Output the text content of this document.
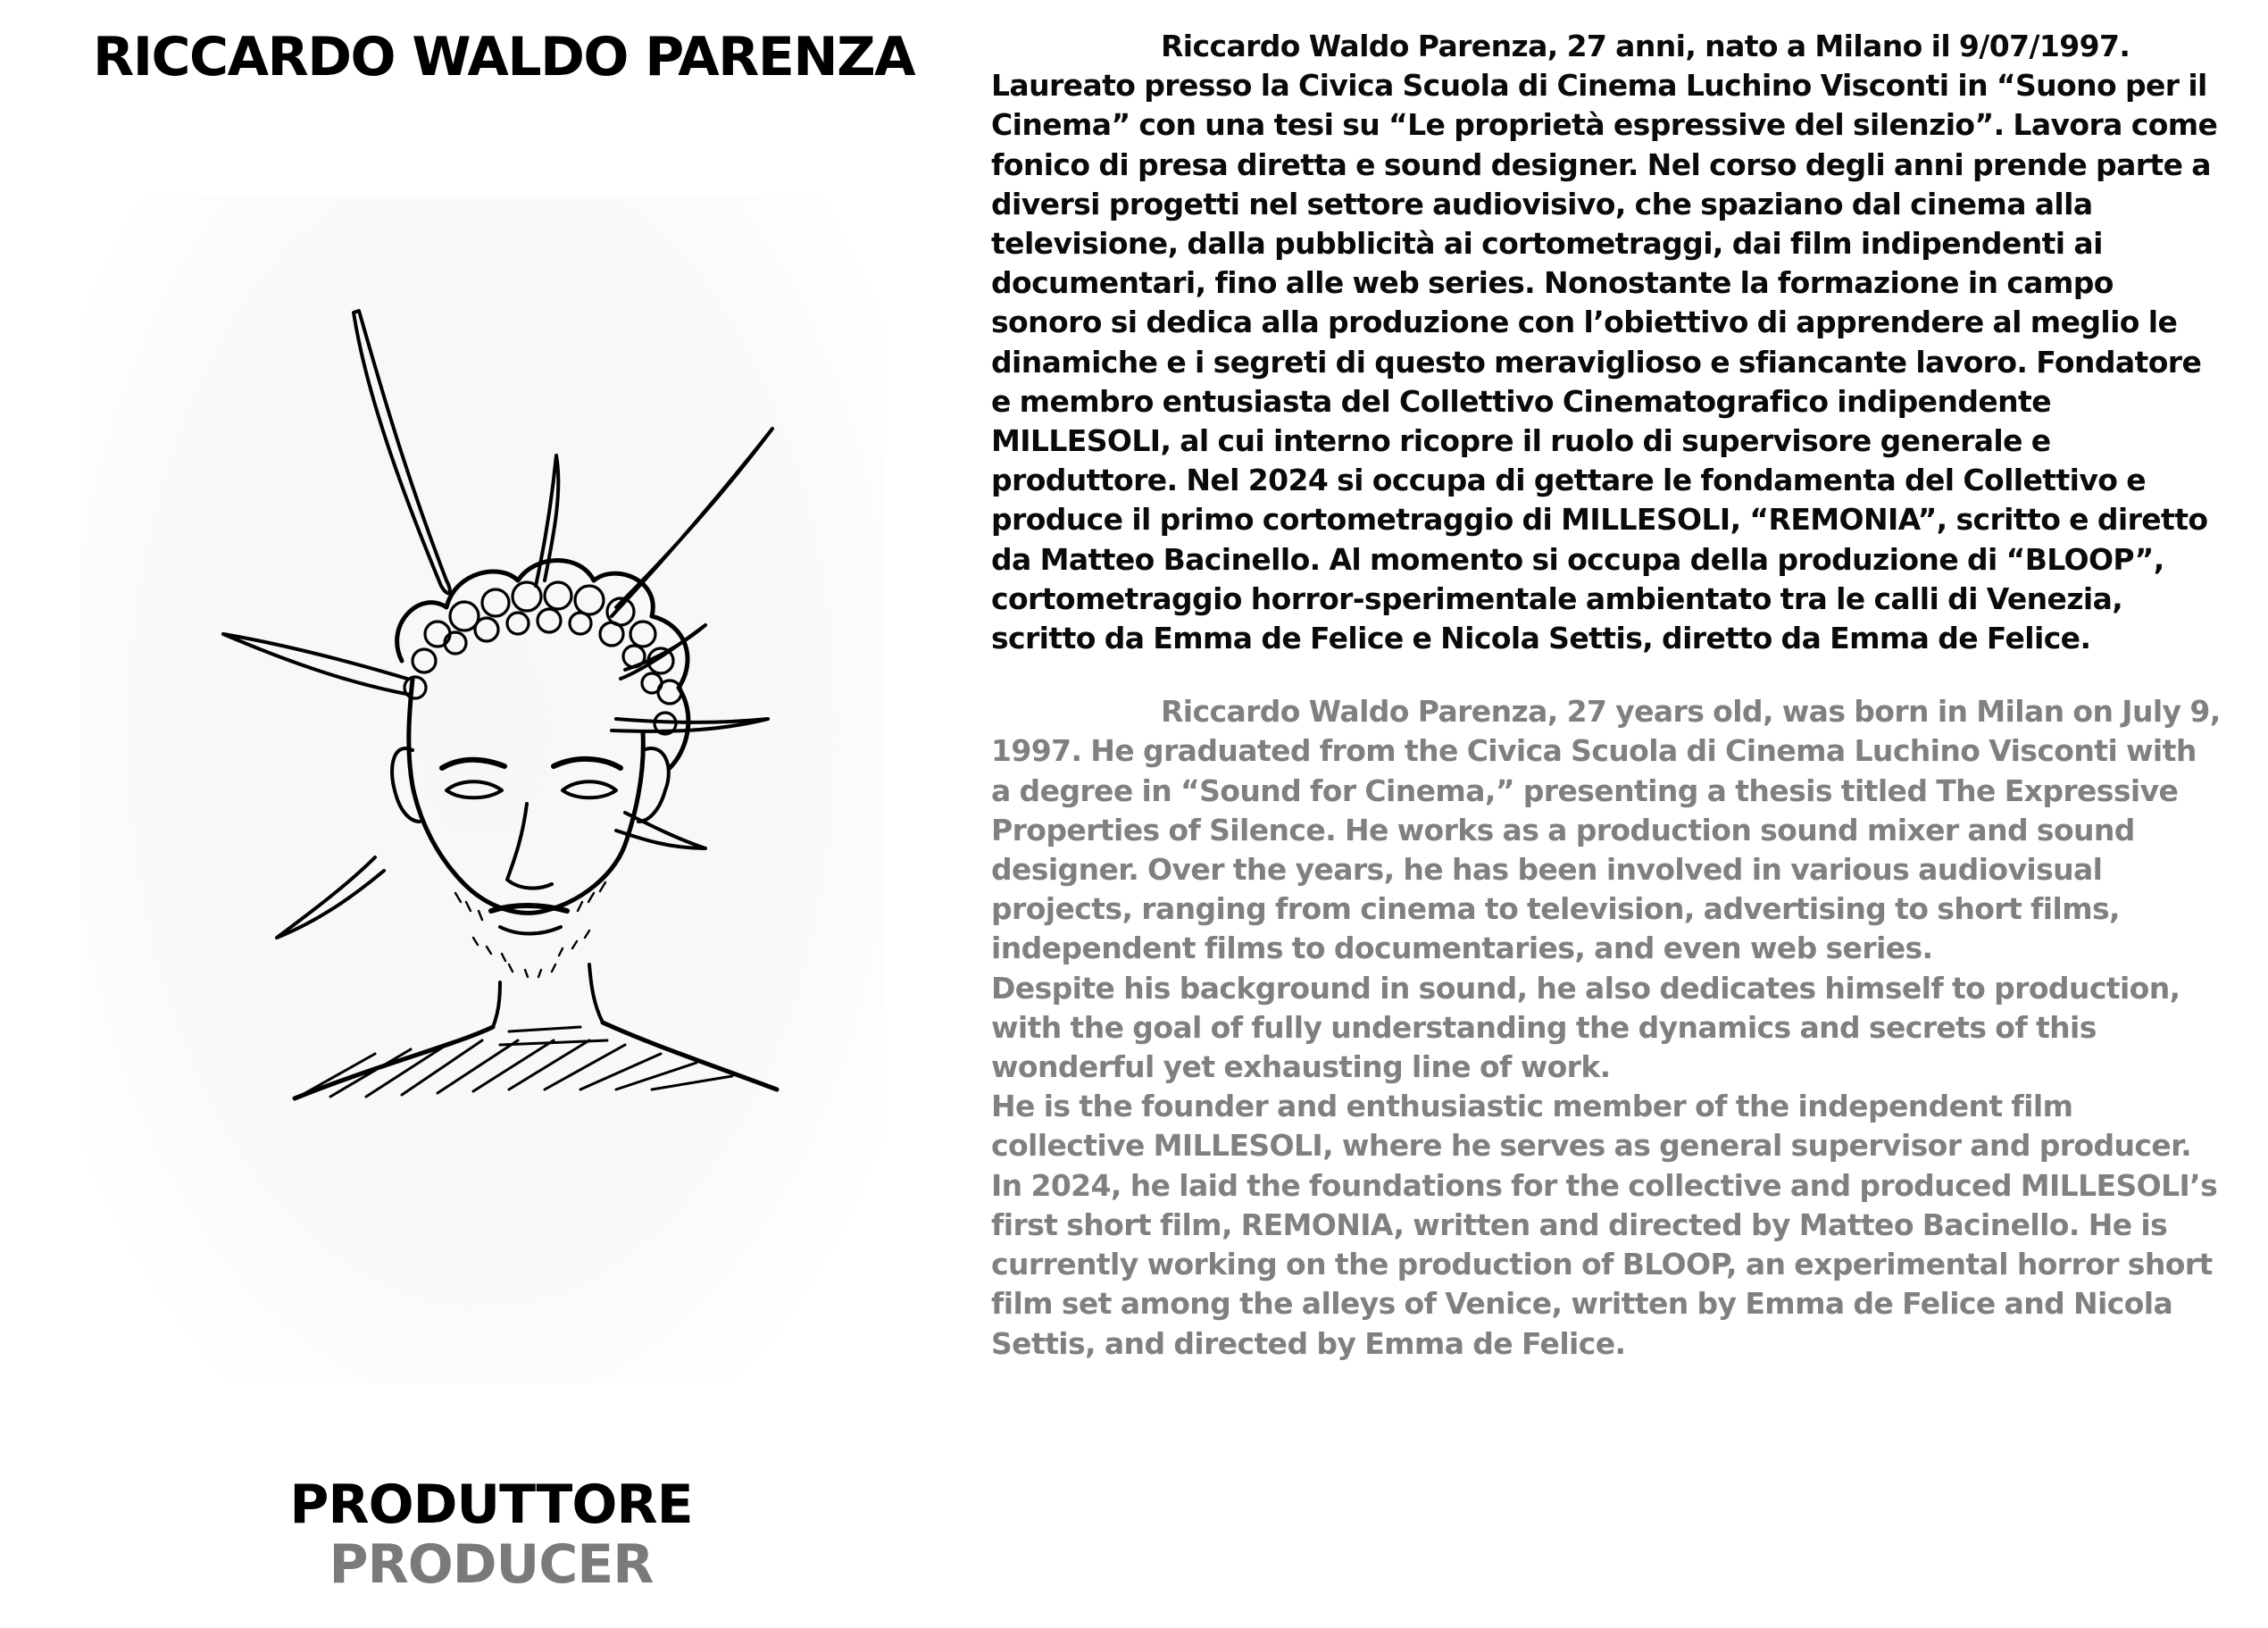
RICCARDO WALDO PARENZA
PRODUTTORE
PRODUCER

Riccardo Waldo Parenza, 27 anni, nato a Milano il 9/07/1997. Laureato presso la Civica Scuola di Cinema Luchino Visconti in “Suono per il Cinema” con una tesi su “Le proprietà espressive del silenzio”. Lavora come fonico di presa diretta e sound designer. Nel corso degli anni prende parte a diversi progetti nel settore audiovisivo, che spaziano dal cinema alla televisione, dalla pubblicità ai cortometraggi, dai film indipendenti ai documentari, fino alle web series. Nonostante la formazione in campo sonoro si dedica alla produzione con l’obiettivo di apprendere al meglio le dinamiche e i segreti di questo meraviglioso e sfiancante lavoro. Fondatore e membro entusiasta del Collettivo Cinematografico indipendente MILLESOLI, al cui interno ricopre il ruolo di supervisore generale e produttore. Nel 2024 si occupa di gettare le fondamenta del Collettivo e produce il primo cortometraggio di MILLESOLI, “REMONIA”, scritto e diretto da Matteo Bacinello. Al momento si occupa della produzione di “BLOOP”, cortometraggio horror-sperimentale ambientato tra le calli di Venezia, scritto da Emma de Felice e Nicola Settis, diretto da Emma de Felice.

Riccardo Waldo Parenza, 27 years old, was born in Milan on July 9, 1997. He graduated from the Civica Scuola di Cinema Luchino Visconti with a degree in “Sound for Cinema,” presenting a thesis titled The Expressive Properties of Silence. He works as a production sound mixer and sound designer. Over the years, he has been involved in various audiovisual projects, ranging from cinema to television, advertising to short films, independent films to documentaries, and even web series.

Despite his background in sound, he also dedicates himself to production, with the goal of fully understanding the dynamics and secrets of this wonderful yet exhausting line of work.

He is the founder and enthusiastic member of the independent film collective MILLESOLI, where he serves as general supervisor and producer. In 2024, he laid the foundations for the collective and produced MILLESOLI’s first short film, REMONIA, written and directed by Matteo Bacinello. He is currently working on the production of BLOOP, an experimental horror short film set among the alleys of Venice, written by Emma de Felice and Nicola Settis, and directed by Emma de Felice.
